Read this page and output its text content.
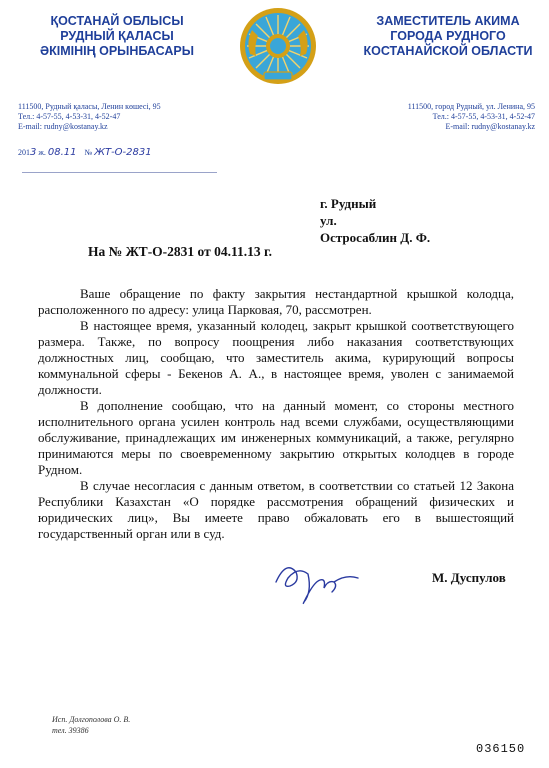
ҚОСТАНАЙ ОБЛЫСЫ
РУДНЫЙ ҚАЛАСЫ
ӘКІМІНІҢ ОРЫНБАСАРЫ
ЗАМЕСТИТЕЛЬ АКИМА
ГОРОДА РУДНОГО
КОСТАНАЙСКОЙ ОБЛАСТИ
111500, Рудный қаласы, Ленин көшесі, 95
Тел.: 4-57-55, 4-53-31, 4-52-47
E-mail: rudny@kostanay.kz
111500, город Рудный, ул. Ленина, 95
Тел.: 4-57-55, 4-53-31, 4-52-47
E-mail: rudny@kostanay.kz
2013 ж. 08.11 № ЖТ-О-2831
г. Рудный
ул.
Остросаблин Д. Ф.
На № ЖТ-О-2831 от 04.11.13 г.

Ваше обращение по факту закрытия нестандартной крышкой колодца, расположенного по адресу: улица Парковая, 70, рассмотрен.

В настоящее время, указанный колодец, закрыт крышкой соответствующего размера. Также, по вопросу поощрения либо наказания соответствующих должностных лиц, сообщаю, что заместитель акима, курирующий вопросы коммунальной сферы - Бекенов А. А., в настоящее время, уволен с занимаемой должности.

В дополнение сообщаю, что на данный момент, со стороны местного исполнительного органа усилен контроль над всеми службами, осуществляющими обслуживание, принадлежащих им инженерных коммуникаций, а также, регулярно принимаются меры по своевременному закрытию открытых колодцев в городе Рудном.

В случае несогласия с данным ответом, в соответствии со статьей 12 Закона Республики Казахстан «О порядке рассмотрения обращений физических и юридических лиц», Вы имеете право обжаловать его в вышестоящий государственный орган или в суд.

М. Дуспулов
Исп. Долгополова О. В.
тел. 39386
036150
